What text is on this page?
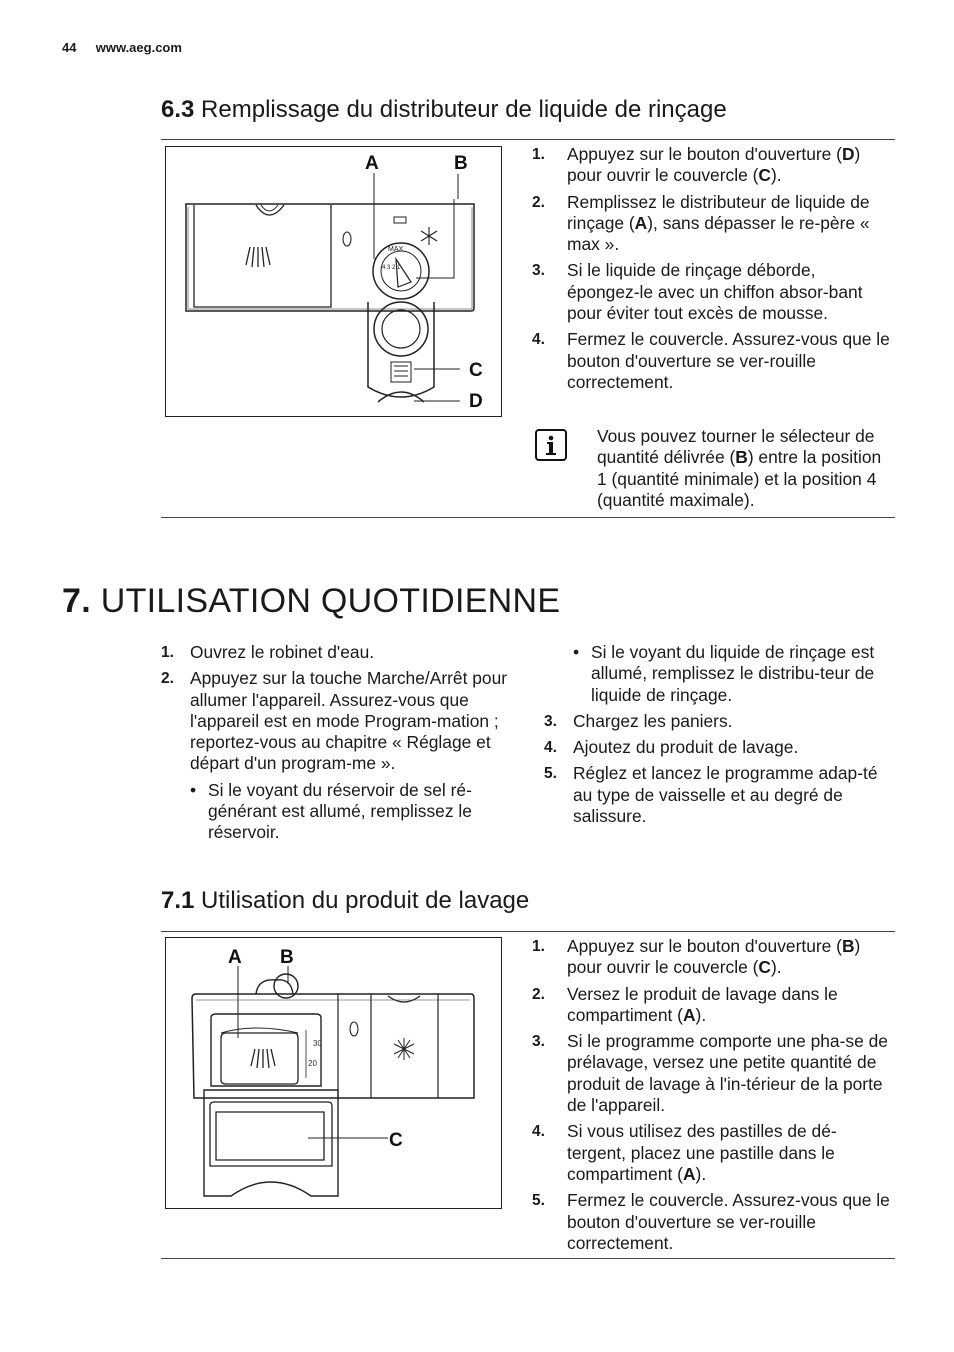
44 www.aeg.com
6.3 Remplissage du distributeur de liquide de rinçage
MAX
4 3 2 1
A	B
C
D
1. Appuyez sur le bouton d'ouverture (D) pour ouvrir le couvercle (C).
2. Remplissez le distributeur de liquide de rinçage (A), sans dépasser le re-père « max ».
3. Si le liquide de rinçage déborde, épongez-le avec un chiffon absor-bant pour éviter tout excès de mousse.
4. Fermez le couvercle. Assurez-vous que le bouton d'ouverture se ver-rouille correctement.
Vous pouvez tourner le sélecteur de quantité délivrée (B) entre la position 1 (quantité minimale) et la position 4 (quantité maximale).
7. UTILISATION QUOTIDIENNE
1. Ouvrez le robinet d'eau.
2. Appuyez sur la touche Marche/Arrêt pour allumer l'appareil. Assurez-vous que l'appareil est en mode Program-mation ; reportez-vous au chapitre « Réglage et départ d'un program-me ».
• Si le voyant du réservoir de sel ré-générant est allumé, remplissez le réservoir.
• Si le voyant du liquide de rinçage est allumé, remplissez le distribu-teur de liquide de rinçage.
3. Chargez les paniers.
4. Ajoutez du produit de lavage.
5. Réglez et lancez le programme adap-té au type de vaisselle et au degré de salissure.
7.1 Utilisation du produit de lavage
A B
C
30
20
1. Appuyez sur le bouton d'ouverture (B) pour ouvrir le couvercle (C).
2. Versez le produit de lavage dans le compartiment (A).
3. Si le programme comporte une pha-se de prélavage, versez une petite quantité de produit de lavage à l'in-térieur de la porte de l'appareil.
4. Si vous utilisez des pastilles de dé-tergent, placez une pastille dans le compartiment (A).
5. Fermez le couvercle. Assurez-vous que le bouton d'ouverture se ver-rouille correctement.
